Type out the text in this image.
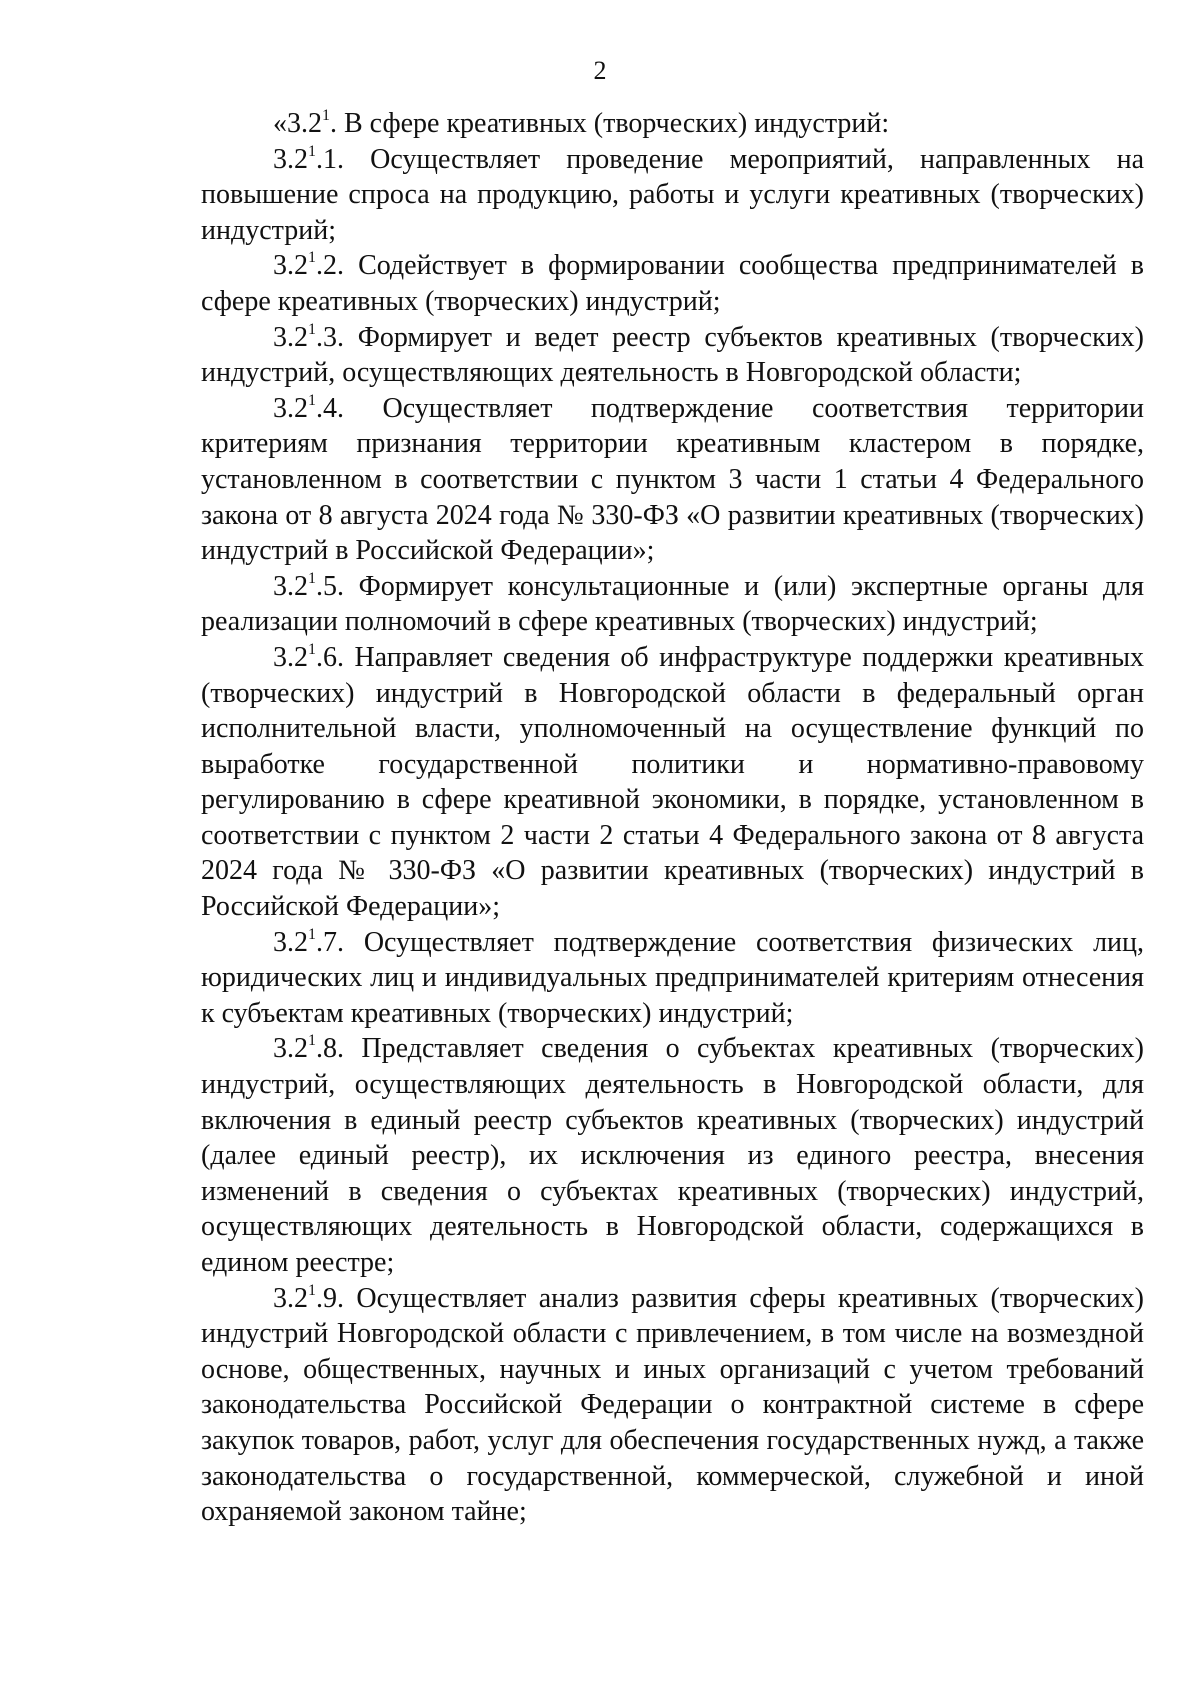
2

«$3.2^1$. В сфере креативных (творческих) индустрий:

$3.2^1.1$. Осуществляет проведение мероприятий, направленных на повышение спроса на продукцию, работы и услуги креативных (творческих) индустрий;

$3.2^1.2$. Содействует в формировании сообщества предпринимателей в сфере креативных (творческих) индустрий;

$3.2^1.3$. Формирует и ведет реестр субъектов креативных (творческих) индустрий, осуществляющих деятельность в Новгородской области;

$3.2^1.4$. Осуществляет подтверждение соответствия территории критериям признания территории креативным кластером в порядке, установленном в соответствии с пунктом 3 части 1 статьи 4 Федерального закона от 8 августа 2024 года № 330-ФЗ «О развитии креативных (творческих) индустрий в Российской Федерации»;

$3.2^1.5$. Формирует консультационные и (или) экспертные органы для реализации полномочий в сфере креативных (творческих) индустрий;

$3.2^1.6$. Направляет сведения об инфраструктуре поддержки креативных (творческих) индустрий в Новгородской области в федеральный орган исполнительной власти, уполномоченный на осуществление функций по выработке государственной политики и нормативно-правовому регулированию в сфере креативной экономики, в порядке, установленном в соответствии с пунктом 2 части 2 статьи 4 Федерального закона от 8 августа 2024 года № 330-ФЗ «О развитии креативных (творческих) индустрий в Российской Федерации»;

$3.2^1.7$. Осуществляет подтверждение соответствия физических лиц, юридических лиц и индивидуальных предпринимателей критериям отнесения к субъектам креативных (творческих) индустрий;

$3.2^1.8$. Представляет сведения о субъектах креативных (творческих) индустрий, осуществляющих деятельность в Новгородской области, для включения в единый реестр субъектов креативных (творческих) индустрий (далее единый реестр), их исключения из единого реестра, внесения изменений в сведения о субъектах креативных (творческих) индустрий, осуществляющих деятельность в Новгородской области, содержащихся в едином реестре;

$3.2^1.9$. Осуществляет анализ развития сферы креативных (творческих) индустрий Новгородской области с привлечением, в том числе на возмездной основе, общественных, научных и иных организаций с учетом требований законодательства Российской Федерации о контрактной системе в сфере закупок товаров, работ, услуг для обеспечения государственных нужд, а также законодательства о государственной, коммерческой, служебной и иной охраняемой законом тайне;
